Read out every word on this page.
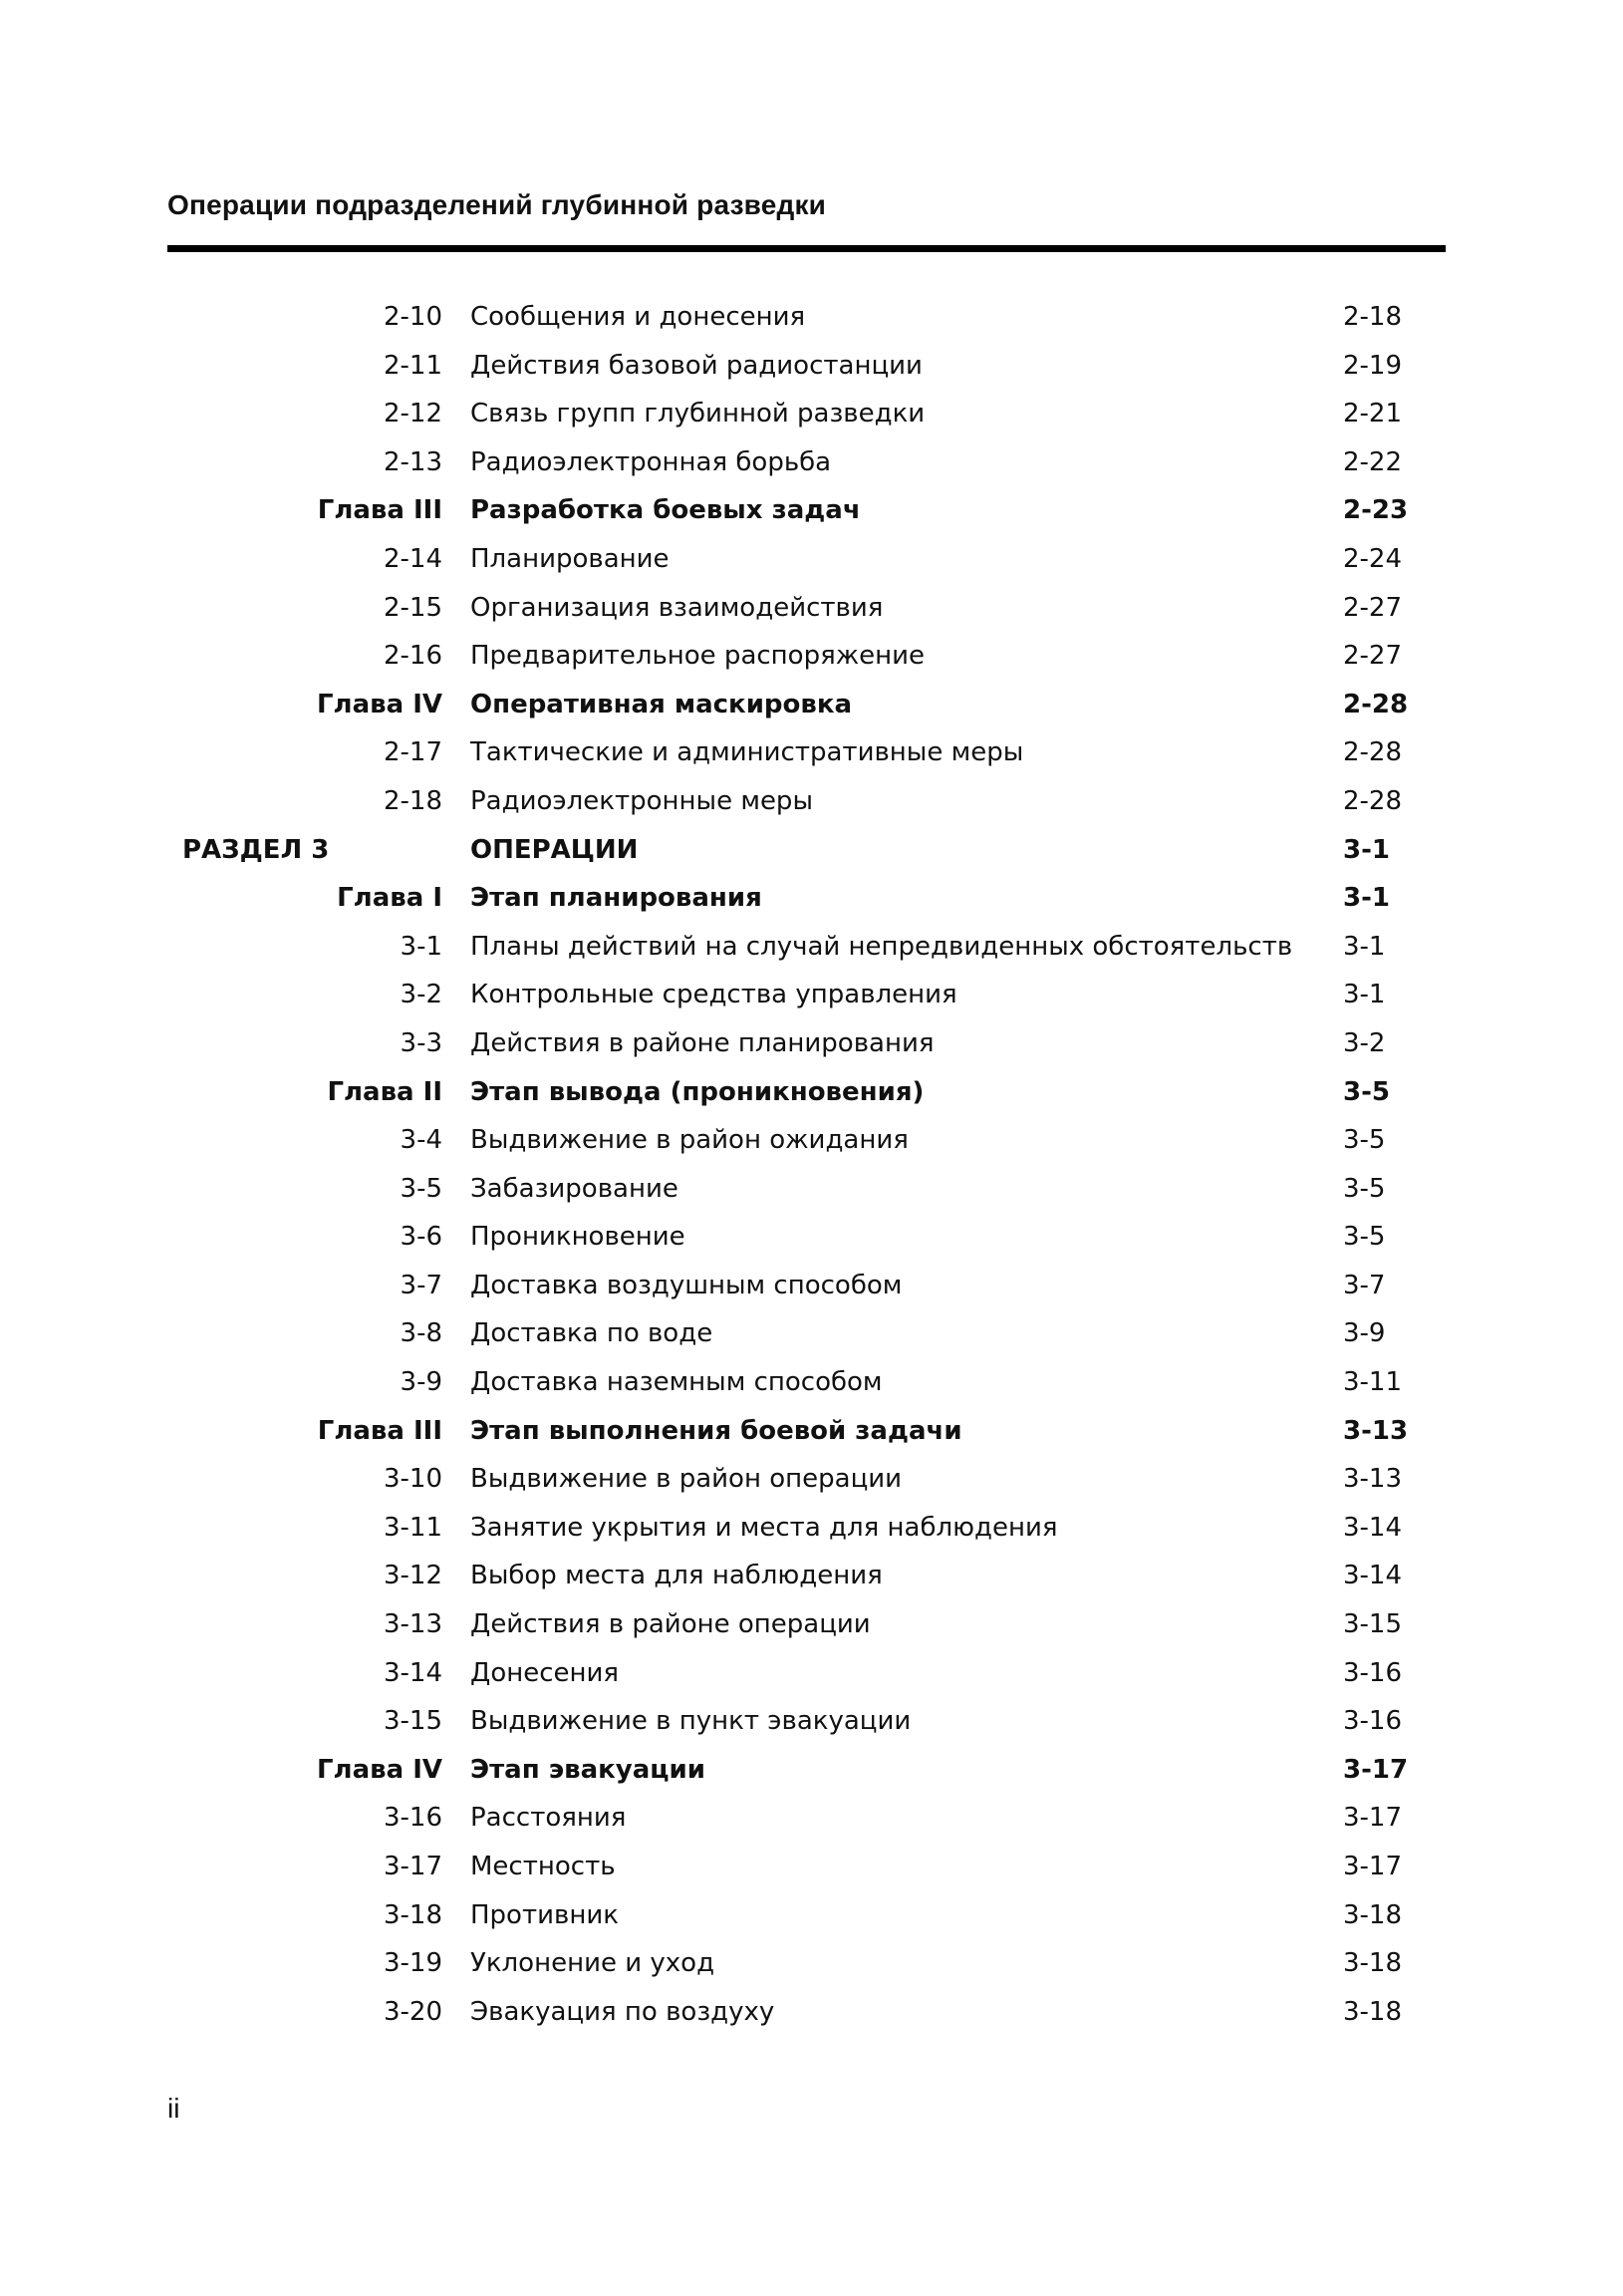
Операции подразделений глубинной разведки
2-10 Сообщения и донесения	2-18
2-11 Действия базовой радиостанции	2-19
2-12 Связь групп глубинной разведки	2-21
2-13 Радиоэлектронная борьба	2-22
Глава III Разработка боевых задач	2-23
2-14 Планирование	2-24
2-15 Организация взаимодействия	2-27
2-16 Предварительное распоряжение	2-27
Глава IV Оперативная маскировка	2-28
2-17 Тактические и административные меры	2-28
2-18 Радиоэлектронные меры	2-28
РАЗДЕЛ 3	ОПЕРАЦИИ	3-1
Глава I Этап планирования	3-1
3-1 Планы действий на случай непредвиденных обстоятельств 3-1
3-2 Контрольные средства управления	3-1
3-3 Действия в районе планирования	3-2
Глава II Этап вывода (проникновения)	3-5
3-4 Выдвижение в район ожидания	3-5
3-5 Забазирование	3-5
3-6 Проникновение	3-5
3-7 Доставка воздушным способом	3-7
3-8 Доставка по воде	3-9
3-9 Доставка наземным способом	3-11
Глава III Этап выполнения боевой задачи	3-13
3-10 Выдвижение в район операции	3-13
3-11 Занятие укрытия и места для наблюдения	3-14
3-12 Выбор места для наблюдения	3-14
3-13 Действия в районе операции	3-15
3-14 Донесения	3-16
3-15 Выдвижение в пункт эвакуации	3-16
Глава IV Этап эвакуации	3-17
3-16 Расстояния	3-17
3-17 Местность	3-17
3-18 Противник	3-18
3-19 Уклонение и уход	3-18
3-20 Эвакуация по воздуху	3-18
ii
